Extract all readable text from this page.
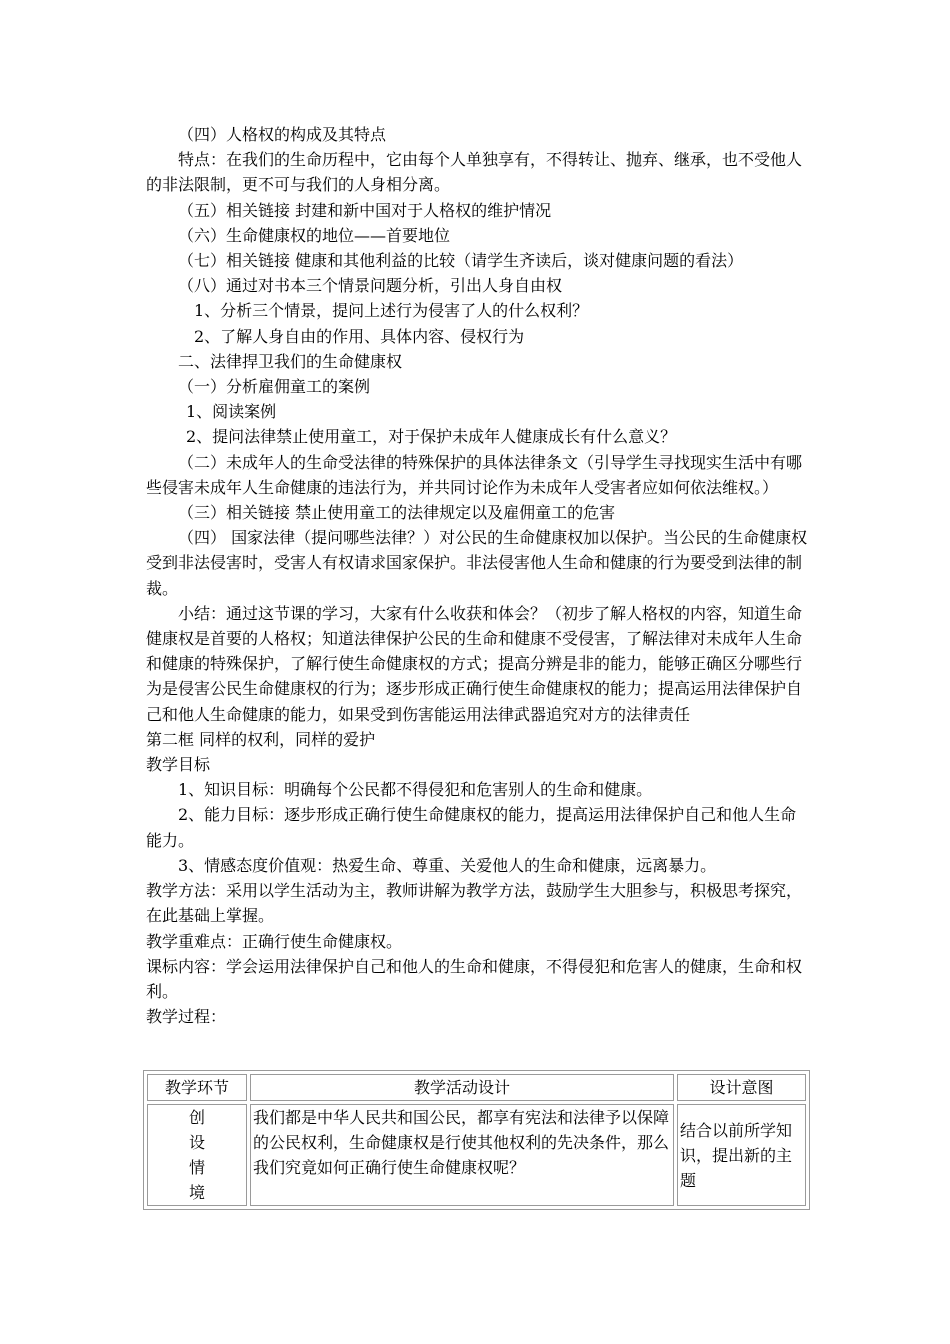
（四）人格权的构成及其特点

特点：在我们的生命历程中，它由每个人单独享有，不得转让、抛弃、继承，也不受他人的非法限制，更不可与我们的人身相分离。

（五）相关链接 封建和新中国对于人格权的维护情况

（六）生命健康权的地位——首要地位

（七）相关链接 健康和其他利益的比较（请学生齐读后，谈对健康问题的看法）

（八）通过对书本三个情景问题分析，引出人身自由权

1、分析三个情景，提问上述行为侵害了人的什么权利？

2、了解人身自由的作用、具体内容、侵权行为

二、法律捍卫我们的生命健康权

（一）分析雇佣童工的案例

1、阅读案例

2、提问法律禁止使用童工，对于保护未成年人健康成长有什么意义？

（二）未成年人的生命受法律的特殊保护的具体法律条文（引导学生寻找现实生活中有哪些侵害未成年人生命健康的违法行为，并共同讨论作为未成年人受害者应如何依法维权。）

（三）相关链接 禁止使用童工的法律规定以及雇佣童工的危害

（四） 国家法律（提问哪些法律？）对公民的生命健康权加以保护。当公民的生命健康权受到非法侵害时，受害人有权请求国家保护。非法侵害他人生命和健康的行为要受到法律的制裁。

小结：通过这节课的学习，大家有什么收获和体会？（初步了解人格权的内容，知道生命健康权是首要的人格权；知道法律保护公民的生命和健康不受侵害，了解法律对未成年人生命和健康的特殊保护，了解行使生命健康权的方式；提高分辨是非的能力，能够正确区分哪些行为是侵害公民生命健康权的行为；逐步形成正确行使生命健康权的能力；提高运用法律保护自己和他人生命健康的能力，如果受到伤害能运用法律武器追究对方的法律责任

第二框 同样的权利，同样的爱护

教学目标

1、知识目标：明确每个公民都不得侵犯和危害别人的生命和健康。

2、能力目标：逐步形成正确行使生命健康权的能力，提高运用法律保护自己和他人生命能力。

3、情感态度价值观：热爱生命、尊重、关爱他人的生命和健康，远离暴力。

教学方法：采用以学生活动为主，教师讲解为教学方法，鼓励学生大胆参与，积极思考探究，在此基础上掌握。

教学重难点：正确行使生命健康权。

课标内容：学会运用法律保护自己和他人的生命和健康，不得侵犯和危害人的健康，生命和权利。

教学过程：

教学环节	教学活动设计	设计意图

创
设
情
境	我们都是中华人民共和国公民，都享有宪法和法律予以保障的公民权利，生命健康权是行使其他权利的先决条件，那么我们究竟如何正确行使生命健康权呢？	结合以前所学知识，提出新的主题
